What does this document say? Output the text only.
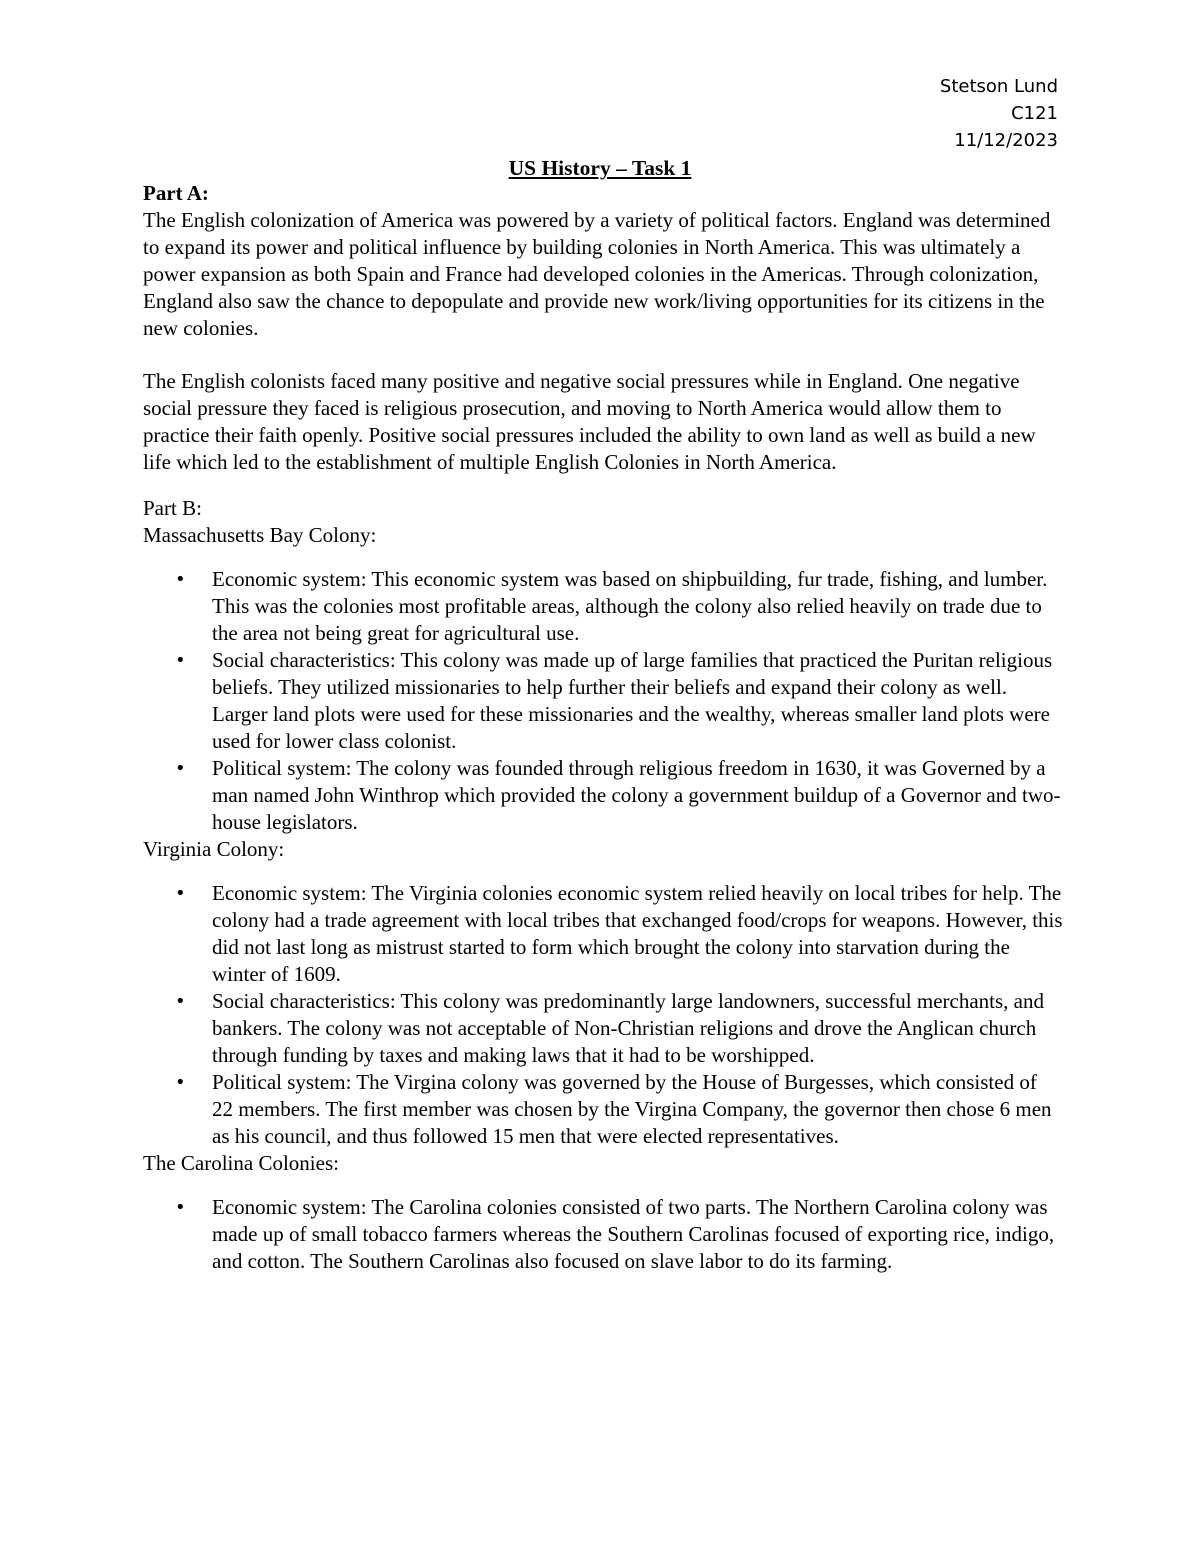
Stetson Lund
C121
11/12/2023
US History – Task 1

Part A:

The English colonization of America was powered by a variety of political factors. England was determined to expand its power and political influence by building colonies in North America. This was ultimately a power expansion as both Spain and France had developed colonies in the Americas. Through colonization, England also saw the chance to depopulate and provide new work/living opportunities for its citizens in the new colonies.

The English colonists faced many positive and negative social pressures while in England. One negative social pressure they faced is religious prosecution, and moving to North America would allow them to practice their faith openly. Positive social pressures included the ability to own land as well as build a new life which led to the establishment of multiple English Colonies in North America.

Part B:

Massachusetts Bay Colony:

• Economic system: This economic system was based on shipbuilding, fur trade, fishing, and lumber. This was the colonies most profitable areas, although the colony also relied heavily on trade due to the area not being great for agricultural use.
• Social characteristics: This colony was made up of large families that practiced the Puritan religious beliefs. They utilized missionaries to help further their beliefs and expand their colony as well. Larger land plots were used for these missionaries and the wealthy, whereas smaller land plots were used for lower class colonist.
• Political system: The colony was founded through religious freedom in 1630, it was Governed by a man named John Winthrop which provided the colony a government buildup of a Governor and two-house legislators.

Virginia Colony:

• Economic system: The Virginia colonies economic system relied heavily on local tribes for help. The colony had a trade agreement with local tribes that exchanged food/crops for weapons. However, this did not last long as mistrust started to form which brought the colony into starvation during the winter of 1609.
• Social characteristics: This colony was predominantly large landowners, successful merchants, and bankers. The colony was not acceptable of Non-Christian religions and drove the Anglican church through funding by taxes and making laws that it had to be worshipped.
• Political system: The Virgina colony was governed by the House of Burgesses, which consisted of 22 members. The first member was chosen by the Virgina Company, the governor then chose 6 men as his council, and thus followed 15 men that were elected representatives.

The Carolina Colonies:

• Economic system: The Carolina colonies consisted of two parts. The Northern Carolina colony was made up of small tobacco farmers whereas the Southern Carolinas focused of exporting rice, indigo, and cotton. The Southern Carolinas also focused on slave labor to do its farming.
